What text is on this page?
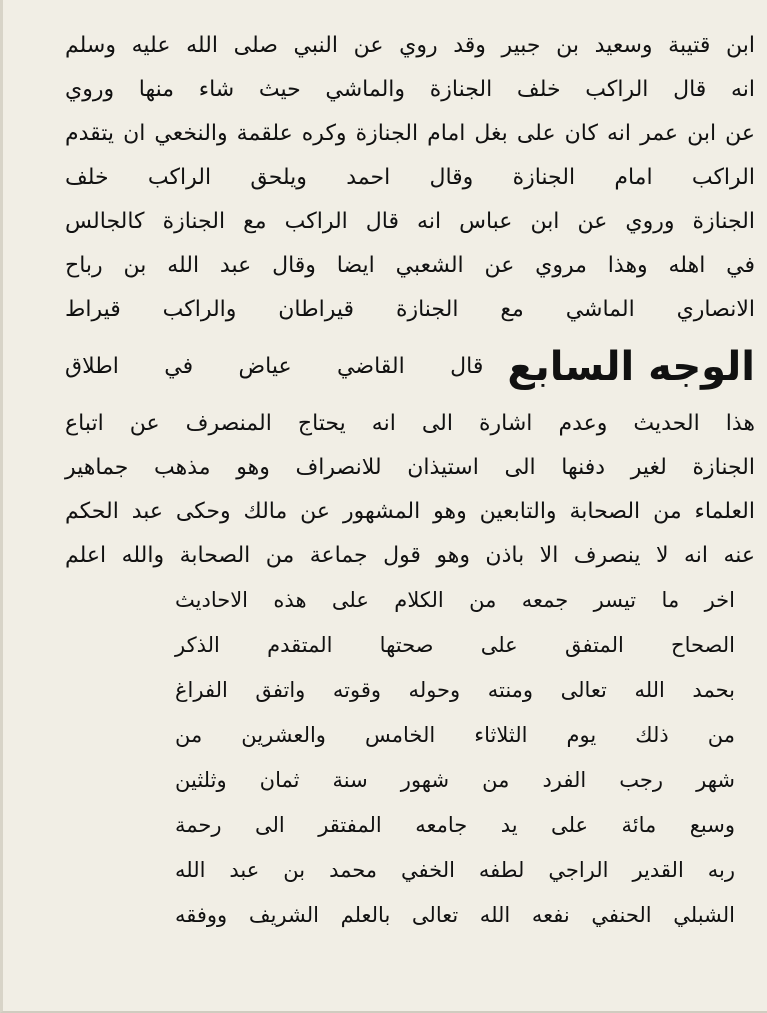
ابن قتيبة وسعيد بن جبير وقد روي عن النبي صلى الله عليه وسلم
انه قال الراكب خلف الجنازة والماشي حيث شاء منها وروي
عن ابن عمر انه كان على بغل امام الجنازة وكره علقمة والنخعي ان يتقدم
الراكب امام الجنازة وقال احمد ويلحق الراكب خلف
الجنازة وروي عن ابن عباس انه قال الراكب مع الجنازة كالجالس
في اهله وهذا مروي عن الشعبي ايضا وقال عبد الله بن رباح
الانصاري الماشي مع الجنازة قيراطان والراكب قيراط
الوجه السابع
قال القاضي عياض في اطلاق
هذا الحديث وعدم اشارة الى انه يحتاج المنصرف عن اتباع
الجنازة لغير دفنها الى استيذان للانصراف وهو مذهب جماهير
العلماء من الصحابة والتابعين وهو المشهور عن مالك وحكى عبد الحكم
عنه انه لا ينصرف الا باذن وهو قول جماعة من الصحابة والله اعلم
اخر ما تيسر جمعه من الكلام على هذه الاحاديث
الصحاح المتفق على صحتها المتقدم الذكر
بحمد الله تعالى ومنته وحوله وقوته واتفق الفراغ
من ذلك يوم الثلاثاء الخامس والعشرين من
شهر رجب الفرد من شهور سنة ثمان وثلثين
وسبع مائة على يد جامعه المفتقر الى رحمة
ربه القدير الراجي لطفه الخفي محمد بن عبد الله
الشبلي الحنفي نفعه الله تعالى بالعلم الشريف ووفقه
